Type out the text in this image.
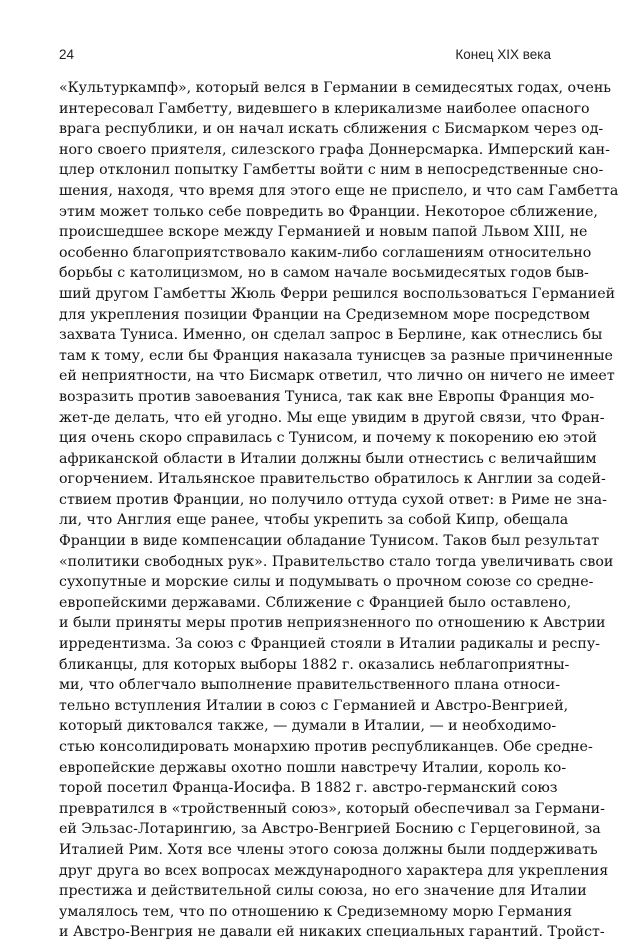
24	Конец XIX века
«Культуркампф», который велся в Германии в семидесятых годах, очень
интересовал Гамбетту, видевшего в клерикализме наиболее опасного
врага республики, и он начал искать сближения с Бисмарком через од-
ного своего приятеля, силезского графа Доннерсмарка. Имперский кан-
цлер отклонил попытку Гамбетты войти с ним в непосредственные сно-
шения, находя, что время для этого еще не приспело, и что сам Гамбетта
этим может только себе повредить во Франции. Некоторое сближение,
происшедшее вскоре между Германией и новым папой Львом XIII, не
особенно благоприятствовало каким-либо соглашениям относительно
борьбы с католицизмом, но в самом начале восьмидесятых годов быв-
ший другом Гамбетты Жюль Ферри решился воспользоваться Германией
для укрепления позиции Франции на Средиземном море посредством
захвата Туниса. Именно, он сделал запрос в Берлине, как отнеслись бы
там к тому, если бы Франция наказала тунисцев за разные причиненные
ей неприятности, на что Бисмарк ответил, что лично он ничего не имеет
возразить против завоевания Туниса, так как вне Европы Франция мо-
жет-де делать, что ей угодно. Мы еще увидим в другой связи, что Фран-
ция очень скоро справилась с Тунисом, и почему к покорению ею этой
африканской области в Италии должны были отнестись с величайшим
огорчением. Итальянское правительство обратилось к Англии за содей-
ствием против Франции, но получило оттуда сухой ответ: в Риме не зна-
ли, что Англия еще ранее, чтобы укрепить за собой Кипр, обещала
Франции в виде компенсации обладание Тунисом. Таков был результат
«политики свободных рук». Правительство стало тогда увеличивать свои
сухопутные и морские силы и подумывать о прочном союзе со средне-
европейскими державами. Сближение с Францией было оставлено,
и были приняты меры против неприязненного по отношению к Австрии
ирредентизма. За союз с Францией стояли в Италии радикалы и респу-
бликанцы, для которых выборы 1882 г. оказались неблагоприятны-
ми, что облегчало выполнение правительственного плана относи-
тельно вступления Италии в союз с Германией и Австро-Венгрией,
который диктовался также, — думали в Италии, — и необходимо-
стью консолидировать монархию против республиканцев. Обе средне-
европейские державы охотно пошли навстречу Италии, король ко-
торой посетил Франца-Иосифа. В 1882 г. австро-германский союз
превратился в «тройственный союз», который обеспечивал за Германи-
ей Эльзас-Лотарингию, за Австро-Венгрией Боснию с Герцеговиной, за
Италией Рим. Хотя все члены этого союза должны были поддерживать
друг друга во всех вопросах международного характера для укрепления
престижа и действительной силы союза, но его значение для Италии
умалялось тем, что по отношению к Средиземному морю Германия
и Австро-Венгрия не давали ей никаких специальных гарантий. Тройст-
